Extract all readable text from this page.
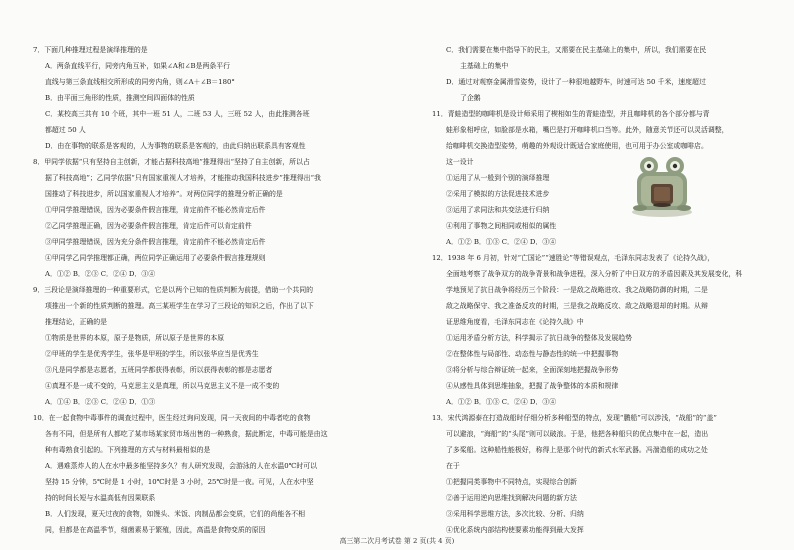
7．下面几种推理过程是演绎推理的是
A．两条直线平行，同旁内角互补，如果∠A和∠B是两条平行
直线与第三条直线相交所形成的同旁内角，则∠A＋∠B＝180°
B．由平面三角形的性质，推测空间四面体的性质
C．某校高三共有 10 个班，其中一班 51 人，二班 53 人，三班 52 人，由此推测各班
都超过 50 人
D．由在事物的联系是客观的，人为事物的联系是客观的，由此归纳出联系具有客观性
8．甲同学依据“只有坚持自主创新，才能占据科技高地”推理得出“坚持了自主创新，所以占
据了科技高地”；乙同学依据“只有国家重视人才培养，才能推动我国科技进步”推理得出“我
国推动了科技进步，所以国家重视人才培养”。对两位同学的推理分析正确的是
①甲同学推理错误，因为必要条件假言推理，肯定前件不能必然肯定后件
②乙同学推理正确，因为必要条件假言推理，肯定后件可以肯定前件
③甲同学推理错误，因为充分条件假言推理，肯定前件不能必然肯定后件
④甲同学乙同学推理都正确，两位同学正确运用了必要条件假言推理规则
A．①② B．②③ C．②④ D．③④
9．三段论是演绎推理的一种重要形式，它是以两个已知的性质判断为前提，借助一个共同的
项推出一个新的性质判断的推理。高三某班学生在学习了三段论的知识之后，作出了以下
推理结论，正确的是
①物质是世界的本原，原子是物质，所以原子是世界的本原
②甲班的学生是优秀学生，张华是甲班的学生，所以张华应当是优秀生
③凡是同学都是志愿者，五班同学都获得表彰，所以获得表彰的都是志愿者
④真理不是一成不变的，马克思主义是真理，所以马克思主义不是一成不变的
A．①④ B．②③ C．②④ D．①③
10．在一起食物中毒事件的调查过程中，医生经过询问发现，同一天夜间的中毒者吃的食物
各有不同，但是所有人都吃了某市场某家贸市场出售的一种熟食，据此断定，中毒可能是由这
种有毒熟食引起的。下列推理的方式与材料最相似的是
A．遇难蒸炸人的人在水中最多能坚持多久？有人研究发现，会游泳的人在水温0℃时可以
坚持 15 分钟，5℃时是 1 小时，10℃时是 3 小时，25℃时是一夜。可见，人在水中坚
持的时间长短与水温高低有因果联系
B．人们发现，夏天过夜的食物，如馒头、米饭、肉制品都会变质，它们的尚能各不相
同，但都是在高温季节，细菌素易于繁殖，因此，高温是食物变质的原因
C．我们需要在集中指导下的民主，又需要在民主基础上的集中，所以，我们需要在民
主基础上的集中
D．通过对观察金属滑雪姿势，设计了一种很地越野车，时速可达 50 千米，速度超过
了企鹅
11．青蛙造型的咖啡机是设计师采用了楔相如生的青蛙造型，并且咖啡机的各个部分都与青
蛙形象相呼应，如脸部是水箱，嘴巴是打开咖啡机口当等。此外，随意关节还可以灵活调整，
给咖啡机交换造型姿势，萌趣的外观设计既适合家庭使用，也可用于办公室或咖啡店。
这一设计
①运用了从一般到个别的演绎推理
②采用了模拟的方法促进技术进步
③运用了求同法和共变法进行归纳
④利用了事物之间相同或相似的属性
A．①② B．①③ C．②④ D．③④
12．1938 年 6 月初，针对“亡国论”“速胜论”等错误观点，毛泽东同志发表了《论持久战》，
全面地考察了战争双方的战争背景和战争进程，深入分析了中日双方的矛盾因素及其发展变化，科
学地预见了抗日战争将经历三个阶段：一是敌之战略进攻、我之战略防御的时期，二是
敌之战略保守、我之准备反攻的时期，三是我之战略反攻、敌之战略退却的时期。从辩
证思维角度看，毛泽东同志在《论持久战》中
①运用矛盾分析方法，科学揭示了抗日战争的整体及发展趋势
②在整体性与局部性、动态性与静态性的统一中把握事物
③将分析与综合辩证统一起来，全面深刻地把握战争形势
④从感性具体到思维抽象，把握了战争整体的本质和规律
A．①② B．①③ C．②④ D．③④
13．宋代鸿源泰在打造战船时仔细分析多种船型的特点，发现“鹏船”可以涉浅，“战船”的“盖”
可以避浪，“海船”的“头尾”则可以破浪。于是，他把各种船只的优点集中在一起，造出
了多桨船。这种船性能极好，称得上是那个时代的新式水军武器。冯湍造船的成功之处
在于
①把握同类事物中不同特点，实现综合创新
②善于运用逆向思维找到解决问题的新方法
③采用科学思维方法，多次比较、分析、归纳
④优化系统内部结构使要素功能得到最大发挥
高三第二次月考试卷 第 2 页(共 4 页)
